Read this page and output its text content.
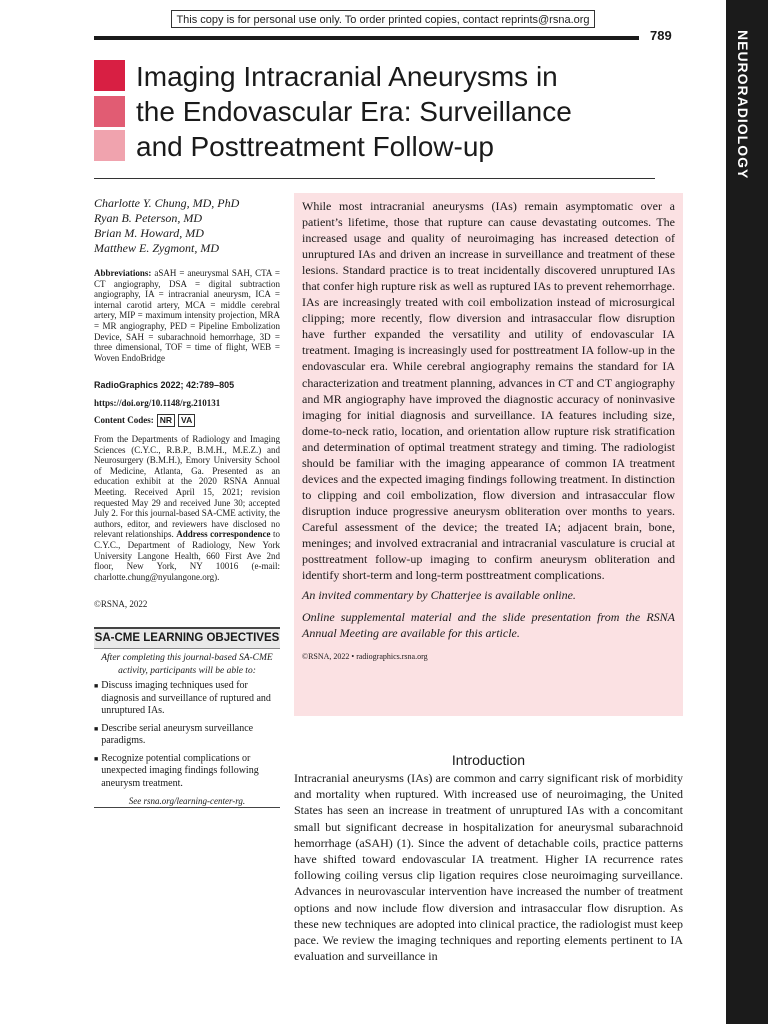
This copy is for personal use only. To order printed copies, contact reprints@rsna.org
789	NEURORADIOLOGY
Imaging Intracranial Aneurysms in
the Endovascular Era: Surveillance
and Posttreatment Follow-up
Charlotte Y. Chung, MD, PhD
Ryan B. Peterson, MD
Brian M. Howard, MD
Matthew E. Zygmont, MD
Abbreviations: aSAH = aneurysmal SAH, CTA = CT angiography, DSA = digital subtraction angiography, IA = intracranial aneurysm, ICA = internal carotid artery, MCA = middle cerebral artery, MIP = maximum intensity projection, MRA = MR angiography, PED = Pipeline Embolization Device, SAH = subarachnoid hemorrhage, 3D = three dimensional, TOF = time of flight, WEB = Woven EndoBridge
RadioGraphics 2022; 42:789–805
https://doi.org/10.1148/rg.210131
Content Codes: NR	VA
From the Departments of Radiology and Imaging Sciences (C.Y.C., R.B.P., B.M.H., M.E.Z.) and Neurosurgery (B.M.H.), Emory University School of Medicine, Atlanta, Ga. Presented as an education exhibit at the 2020 RSNA Annual Meeting. Received April 15, 2021; revision requested May 29 and received June 30; accepted July 2. For this journal-based SA-CME activity, the authors, editor, and reviewers have disclosed no relevant relationships. Address correspondence to C.Y.C., Department of Radiology, New York University Langone Health, 660 First Ave 2nd floor, New York, NY 10016 (e-mail: charlotte.chung@nyulangone.org).
©RSNA, 2022
SA-CME LEARNING OBJECTIVES
After completing this journal-based SA-CME activity, participants will be able to:
■ Discuss imaging techniques used for diagnosis and surveillance of ruptured and unruptured IAs.
■ Describe serial aneurysm surveillance paradigms.
■ Recognize potential complications or unexpected imaging findings following aneurysm treatment.
See rsna.org/learning-center-rg.

While most intracranial aneurysms (IAs) remain asymptomatic over a patient’s lifetime, those that rupture can cause devastating outcomes. The increased usage and quality of neuroimaging has increased detection of unruptured IAs and driven an increase in surveillance and treatment of these lesions. Standard practice is to treat incidentally discovered unruptured IAs that confer high rupture risk as well as ruptured IAs to prevent rehemorrhage. IAs are increasingly treated with coil embolization instead of microsurgical clipping; more recently, flow diversion and intrasaccular flow disruption have further expanded the versatility and utility of endovascular IA treatment. Imaging is increasingly used for posttreatment IA follow-up in the endovascular era. While cerebral angiography remains the standard for IA characterization and treatment planning, advances in CT and CT angiography and MR angiography have improved the diagnostic accuracy of noninvasive imaging for initial diagnosis and surveillance. IA features including size, dome-to-neck ratio, location, and orientation allow rupture risk stratification and determination of optimal treatment strategy and timing. The radiologist should be familiar with the imaging appearance of common IA treatment devices and the expected imaging findings following treatment. In distinction to clipping and coil embolization, flow diversion and intrasaccular flow disruption induce progressive aneurysm obliteration over months to years. Careful assessment of the device; the treated IA; adjacent brain, bone, meninges; and involved extracranial and intracranial vasculature is crucial at posttreatment follow-up imaging to confirm aneurysm obliteration and identify short-term and long-term posttreatment complications.

An invited commentary by Chatterjee is available online.

Online supplemental material and the slide presentation from the RSNA Annual Meeting are available for this article.

©RSNA, 2022 • radiographics.rsna.org

Introduction
Intracranial aneurysms (IAs) are common and carry significant risk of morbidity and mortality when ruptured. With increased use of neuroimaging, the United States has seen an increase in treatment of unruptured IAs with a concomitant small but significant decrease in hospitalization for aneurysmal subarachnoid hemorrhage (aSAH) (1). Since the advent of detachable coils, practice patterns have shifted toward endovascular IA treatment. Higher IA recurrence rates following coiling versus clip ligation requires close neuroimaging surveillance. Advances in neurovascular intervention have increased the number of treatment options and now include flow diversion and intrasaccular flow disruption. As these new techniques are adopted into clinical practice, the radiologist must keep pace. We review the imaging techniques and reporting elements pertinent to IA evaluation and surveillance in
